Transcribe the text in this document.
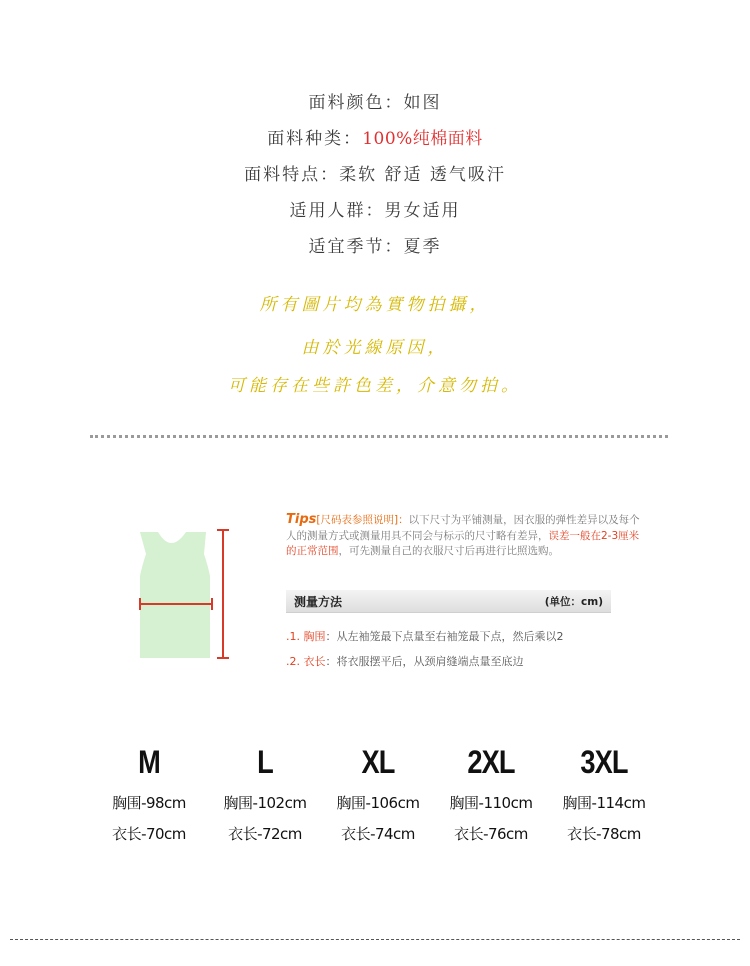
面料颜色：如图
面料种类：100%纯棉面料
面料特点：柔软 舒适 透气吸汗
适用人群：男女适用
适宜季节：夏季
所有圖片均為實物拍攝，
由於光線原因，
可能存在些許色差，介意勿拍。
Tips[尺码表参照说明]：以下尺寸为平铺测量，因衣服的弹性差异以及每个人的测量方式或测量用具不同会与标示的尺寸略有差异，误差一般在2-3厘米的正常范围，可先测量自己的衣服尺寸后再进行比照选购。
测量方法	(单位：cm)
.1. 胸围：从左袖笼最下点量至右袖笼最下点，然后乘以2
.2. 衣长：将衣服摆平后，从颈肩缝端点量至底边
M
胸围-98cm
衣长-70cm
L
胸围-102cm
衣长-72cm
XL
胸围-106cm
衣长-74cm
2XL
胸围-110cm
衣长-76cm
3XL
胸围-114cm
衣长-78cm
